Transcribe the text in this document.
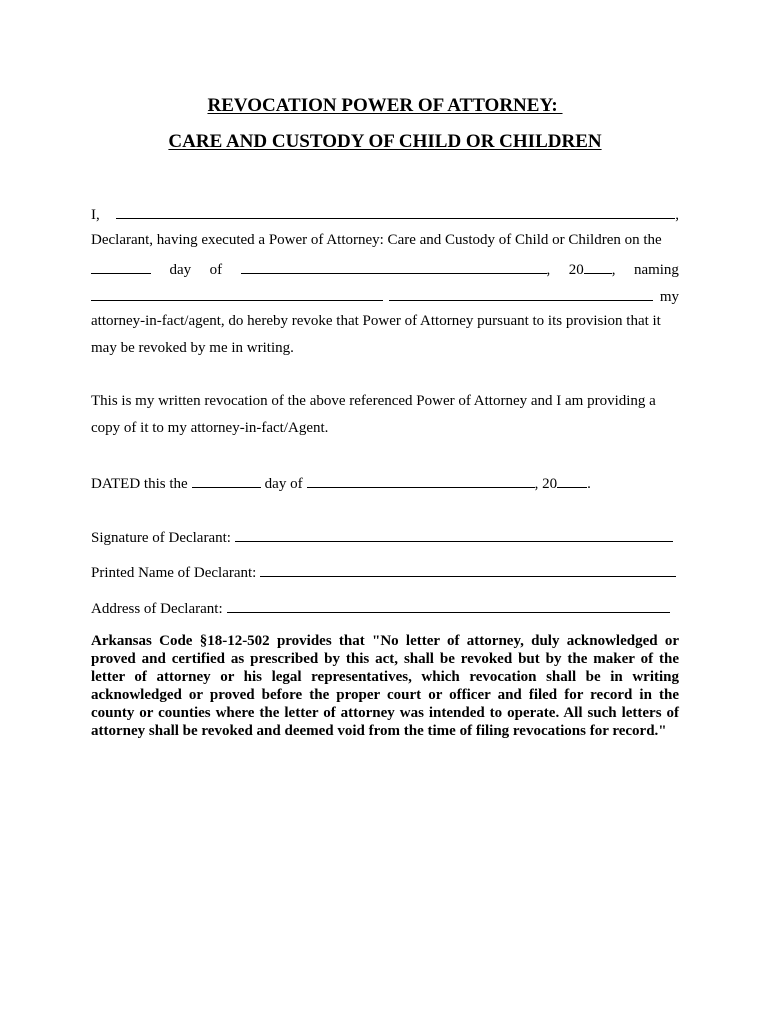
REVOCATION POWER OF ATTORNEY:
CARE AND CUSTODY OF CHILD OR CHILDREN
I,	,
Declarant, having executed a Power of Attorney: Care and Custody of Child or Children on the
day of	, 20 , naming
my
attorney-in-fact/agent, do hereby revoke that Power of Attorney pursuant to its provision that it
may be revoked by me in writing.
This is my written revocation of the above referenced Power of Attorney and I am providing a
copy of it to my attorney-in-fact/Agent.
DATED this the	day of	, 20 .
Signature of Declarant:
Printed Name of Declarant:
Address of Declarant:
Arkansas Code §18-12-502 provides that "No letter of attorney, duly acknowledged or proved and certified as prescribed by this act, shall be revoked but by the maker of the letter of attorney or his legal representatives, which revocation shall be in writing acknowledged or proved before the proper court or officer and filed for record in the county or counties where the letter of attorney was intended to operate. All such letters of attorney shall be revoked and deemed void from the time of filing revocations for record."
